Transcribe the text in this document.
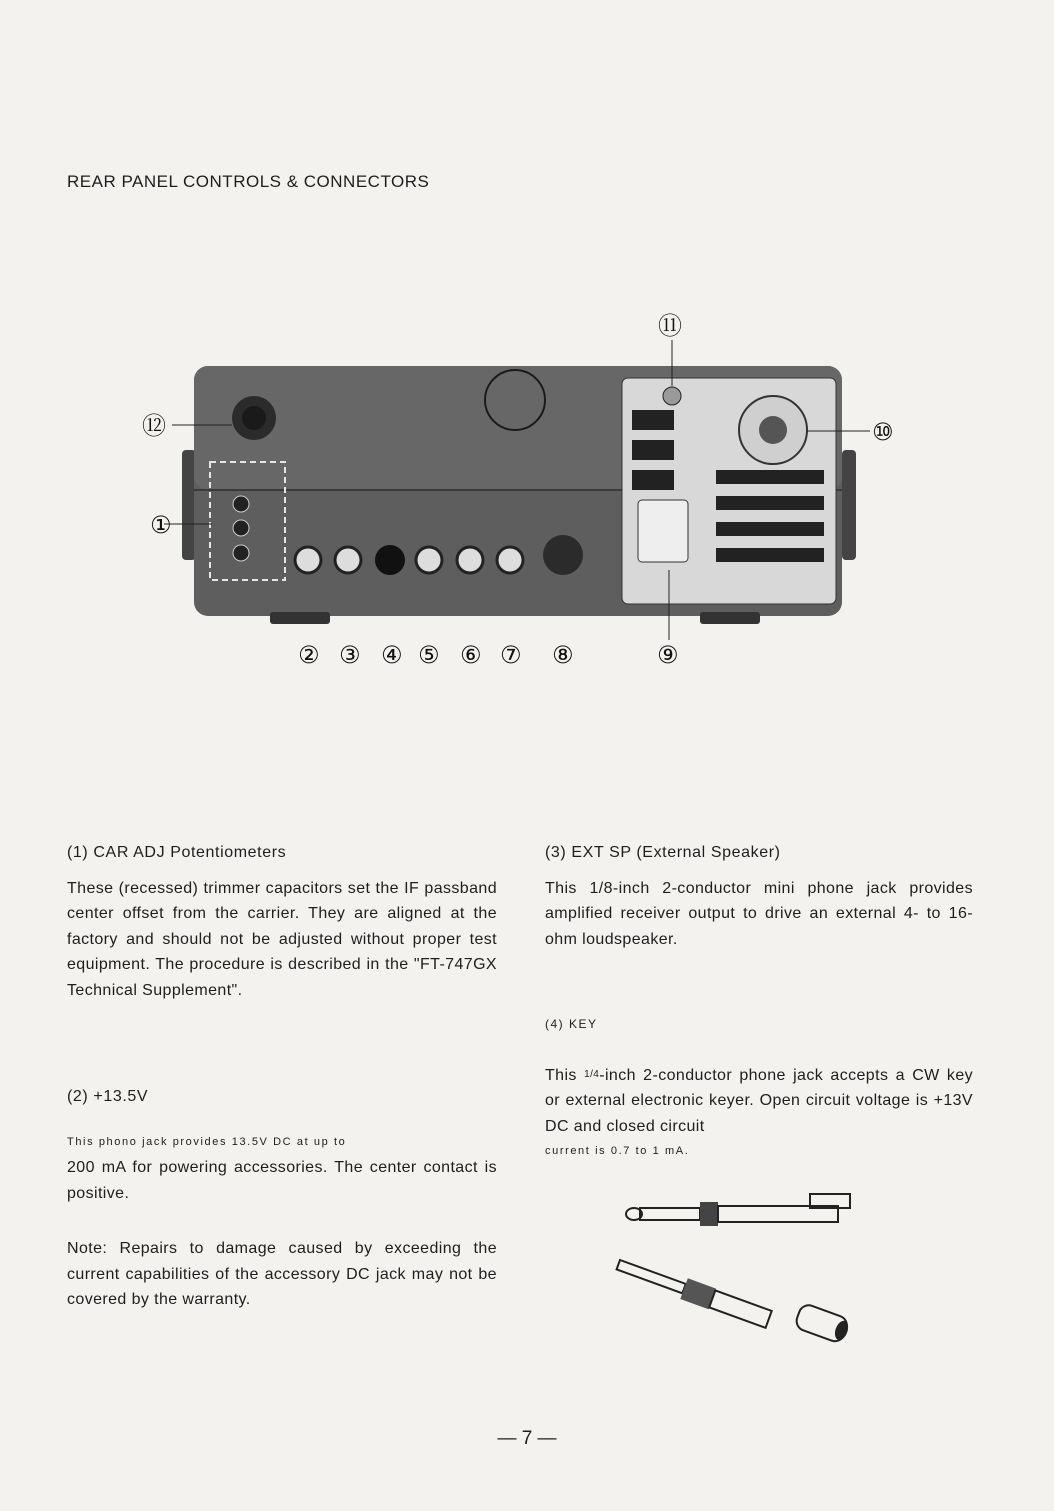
REAR PANEL CONTROLS & CONNECTORS
①
② ③ ④ ⑤ ⑥ ⑦ ⑧	⑨
⑩
⑪
⑫
(1) CAR ADJ Potentiometers

These (recessed) trimmer capacitors set the IF passband center offset from the carrier. They are aligned at the factory and should not be adjusted without proper test equipment. The procedure is described in the "FT-747GX Technical Supplement".

(2) +13.5V

This phono jack provides 13.5V DC at up to

200 mA for powering accessories. The center contact is positive.

Note: Repairs to damage caused by exceeding the current capabilities of the accessory DC jack may not be covered by the warranty.

(3) EXT SP (External Speaker)

This 1/8-inch 2-conductor mini phone jack provides amplified receiver output to drive an external 4- to 16-ohm loudspeaker.

(4) KEY

This 1/4-inch 2-conductor phone jack accepts a CW key or external electronic keyer. Open circuit voltage is +13V DC and closed circuit

current is 0.7 to 1 mA.

— 7 —
